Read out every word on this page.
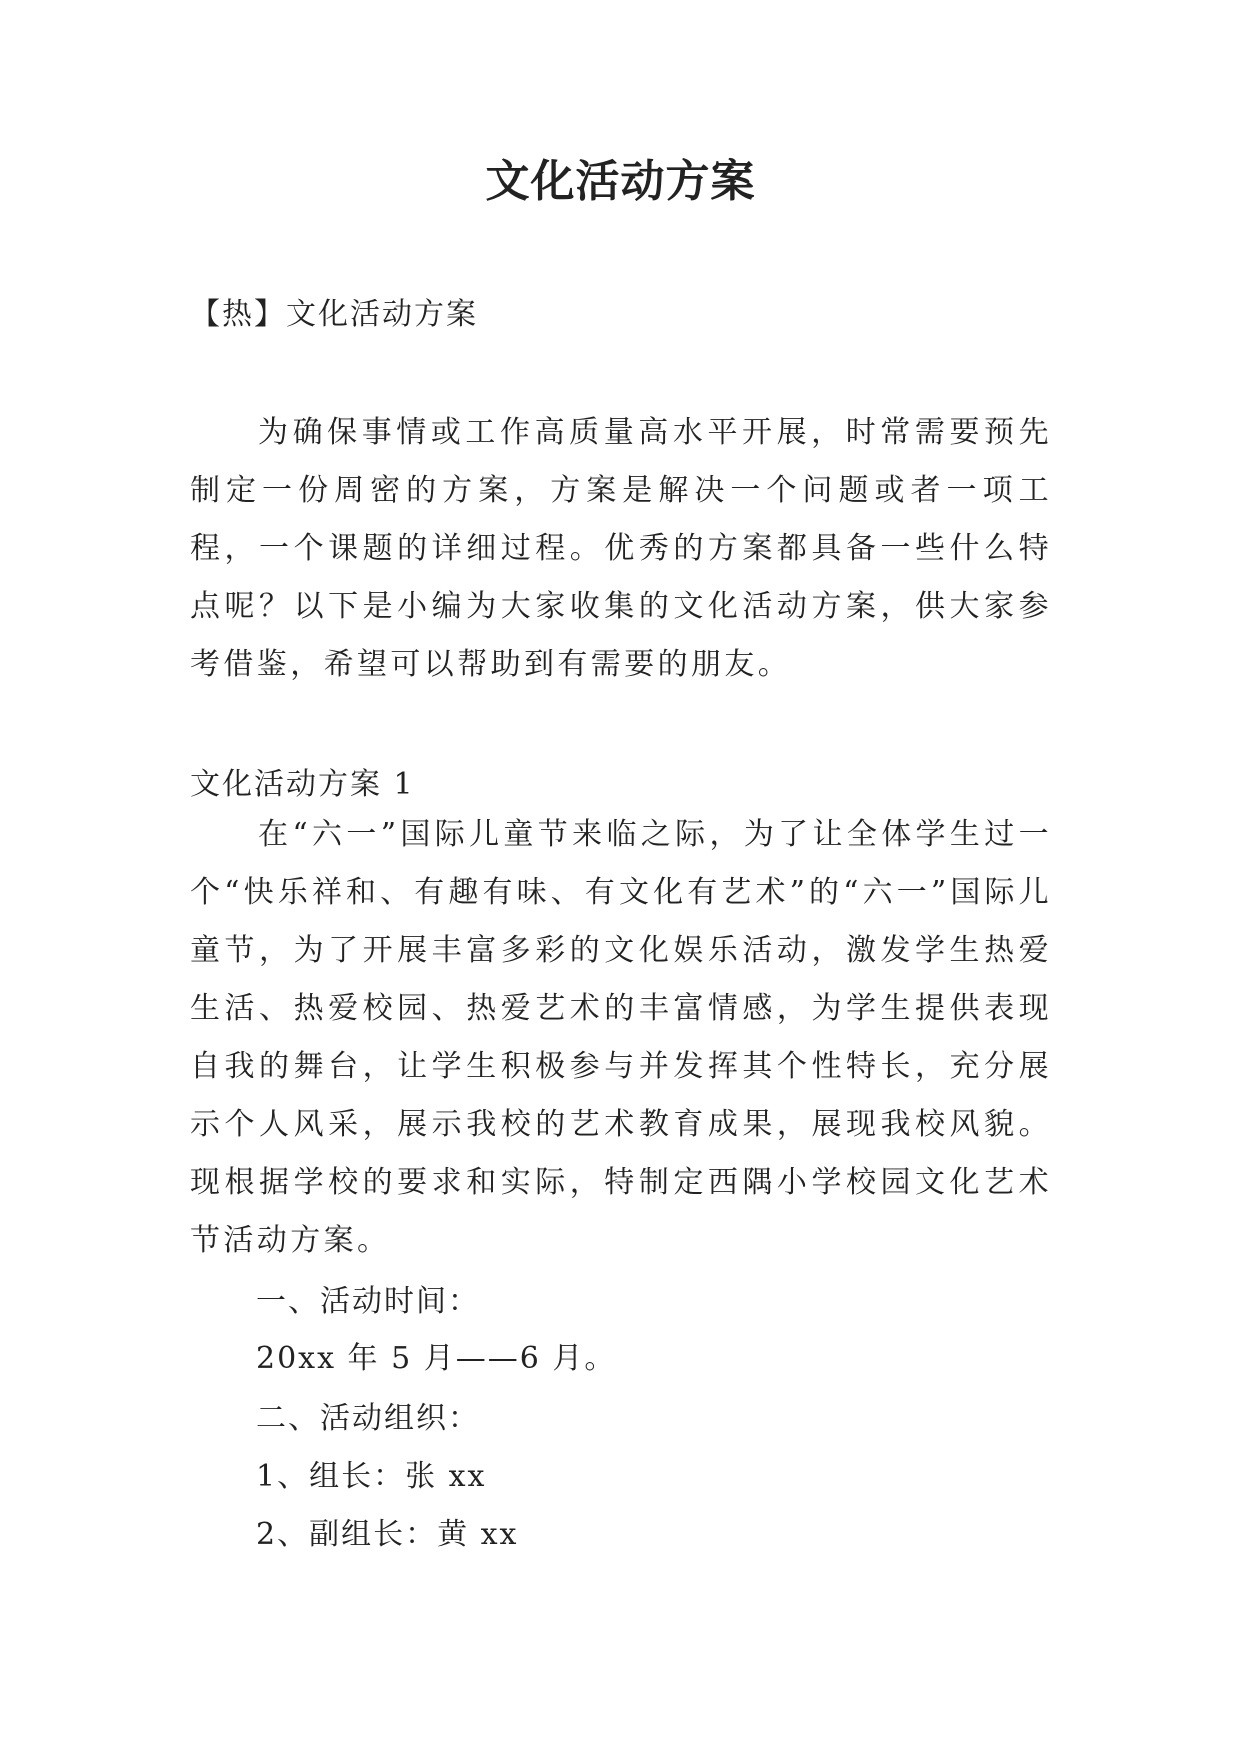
文化活动方案
【热】文化活动方案
为确保事情或工作高质量高水平开展，时常需要预先制定一份周密的方案，方案是解决一个问题或者一项工程，一个课题的详细过程。优秀的方案都具备一些什么特点呢？以下是小编为大家收集的文化活动方案，供大家参考借鉴，希望可以帮助到有需要的朋友。
文化活动方案 1
在“六一”国际儿童节来临之际，为了让全体学生过一个“快乐祥和、有趣有味、有文化有艺术”的“六一”国际儿童节，为了开展丰富多彩的文化娱乐活动，激发学生热爱生活、热爱校园、热爱艺术的丰富情感，为学生提供表现自我的舞台，让学生积极参与并发挥其个性特长，充分展示个人风采，展示我校的艺术教育成果，展现我校风貌。现根据学校的要求和实际，特制定西隅小学校园文化艺术节活动方案。
一、活动时间：
20xx 年 5 月——6 月。
二、活动组织：
1、组长：张 xx
2、副组长：黄 xx
